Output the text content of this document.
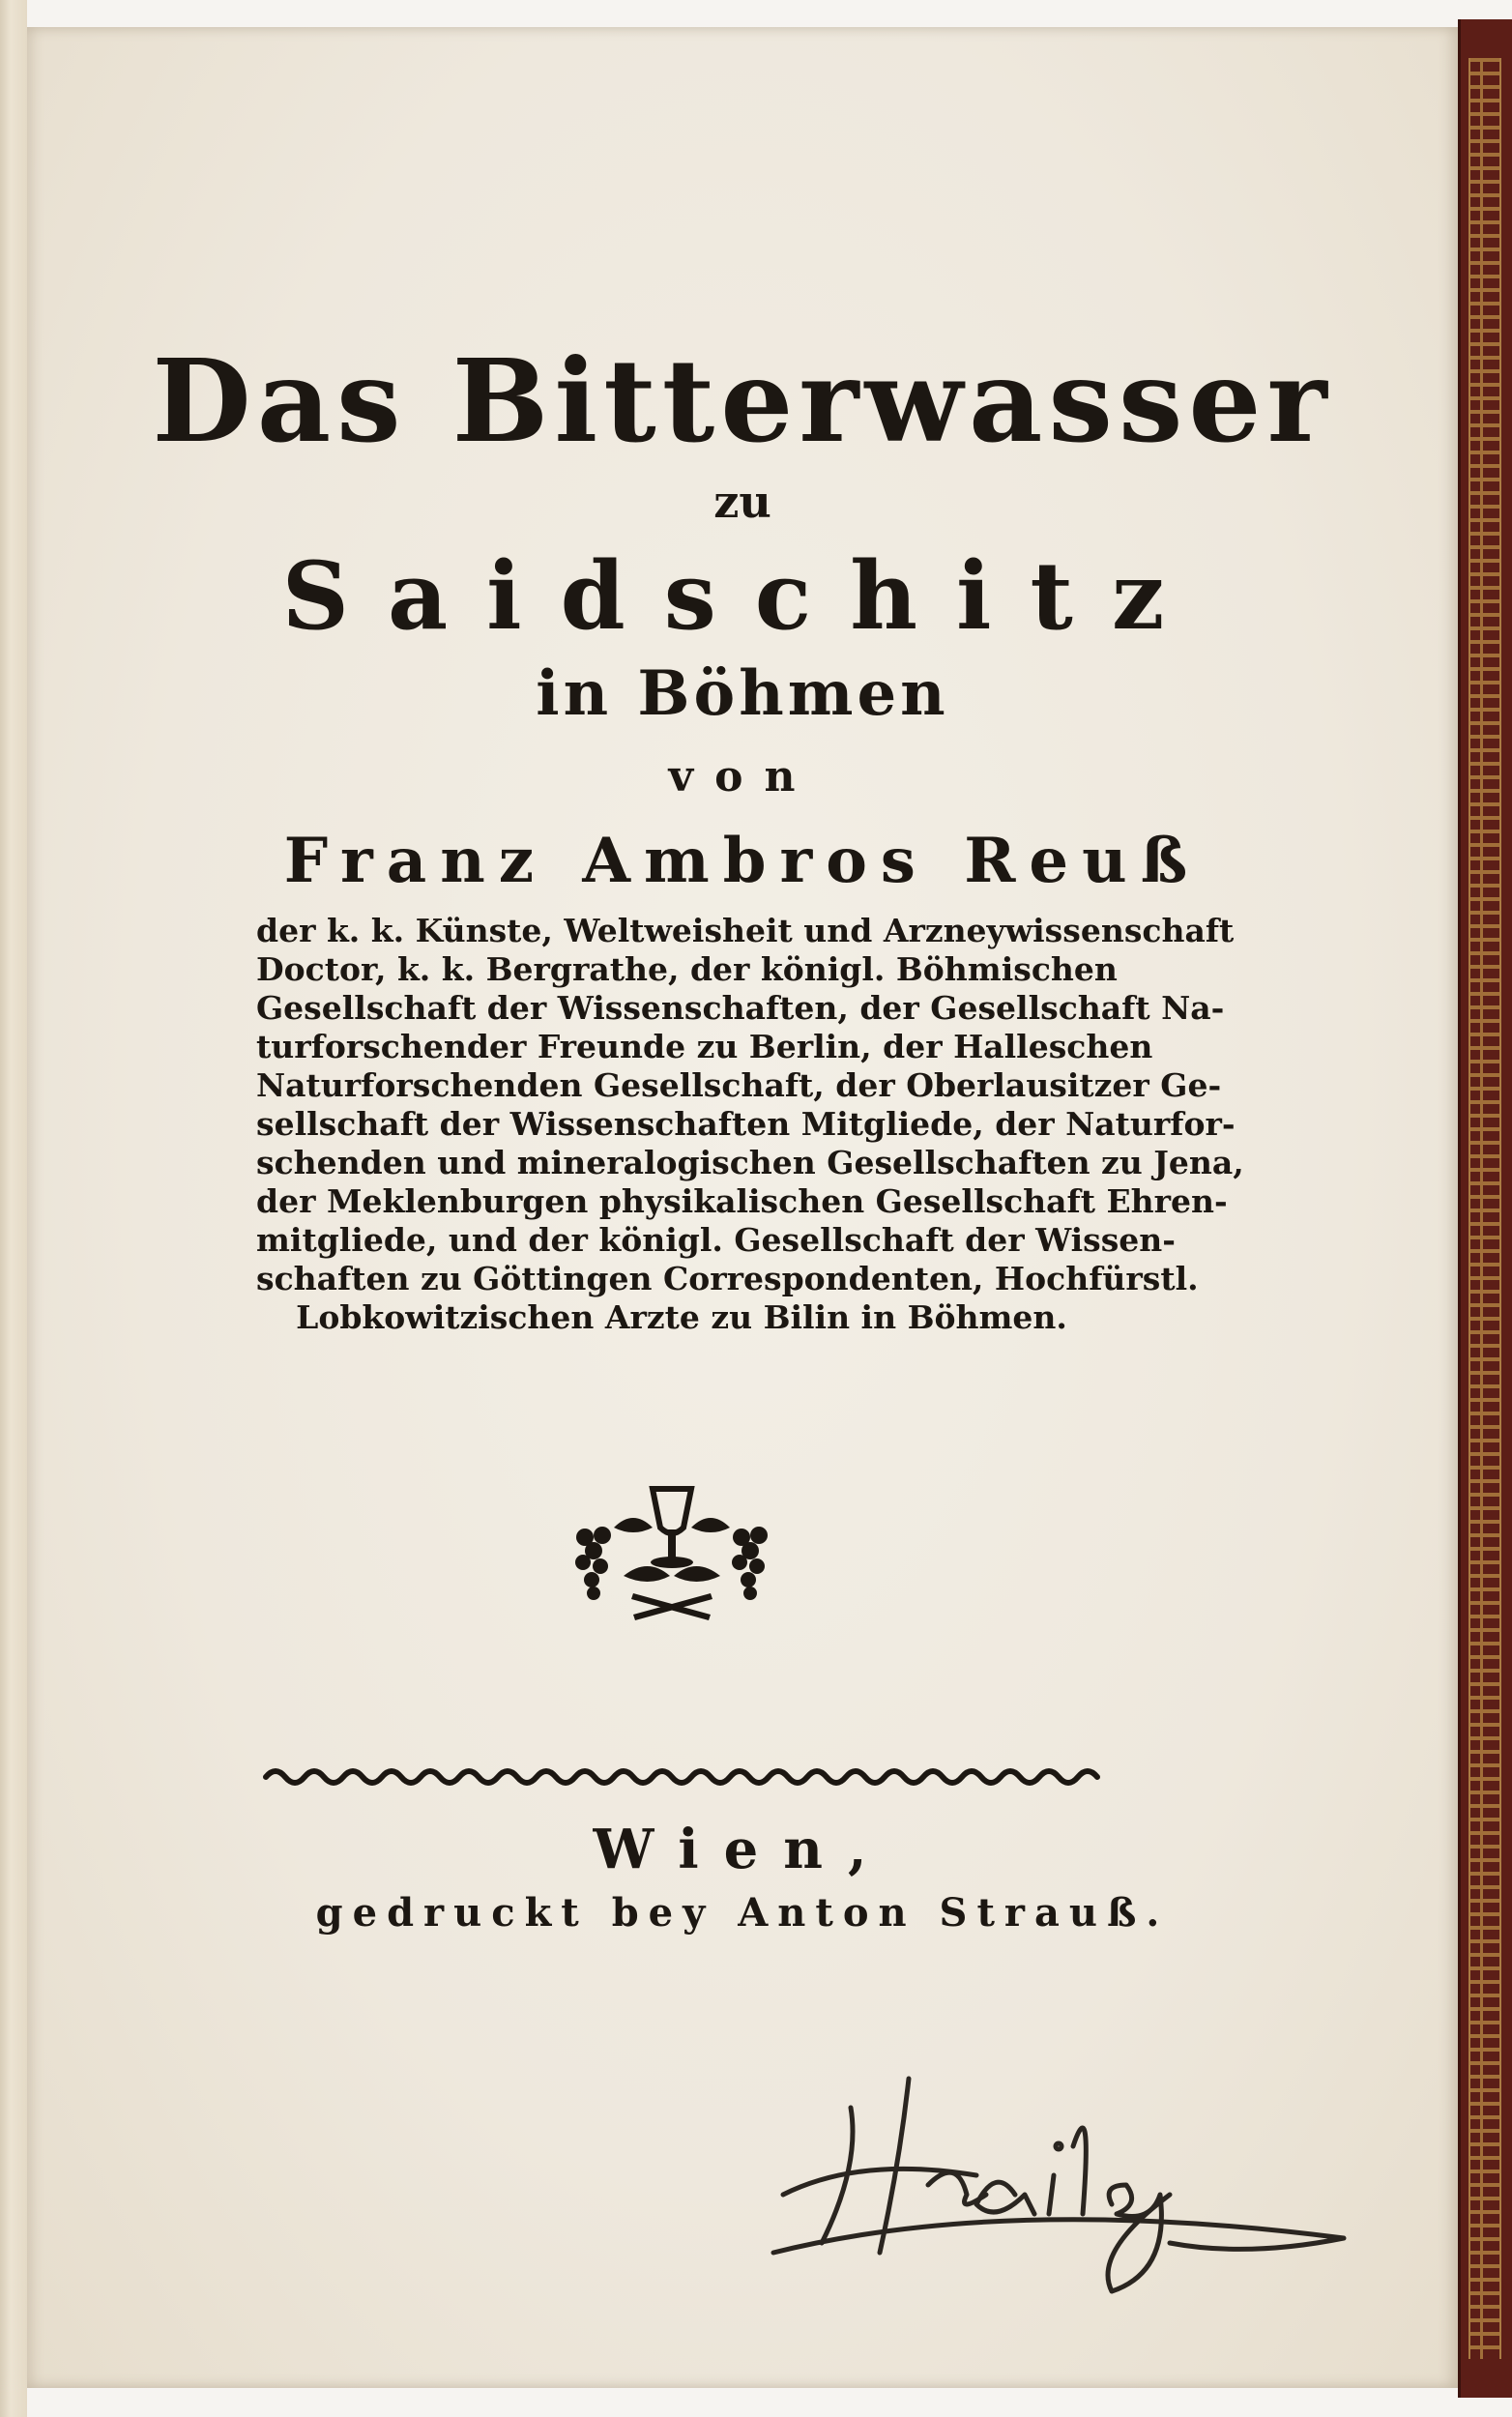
Das Bitterwasser
zu
Saidschitz
in Böhmen
von
Franz Ambros Reuß
der k. k. Künste, Weltweisheit und Arzneywissenschaft
Doctor, k. k. Bergrathe, der königl. Böhmischen
Gesellschaft der Wissenschaften, der Gesellschaft Na-
turforschender Freunde zu Berlin, der Halleschen
Naturforschenden Gesellschaft, der Oberlausitzer Ge-
sellschaft der Wissenschaften Mitgliede, der Naturfor-
schenden und mineralogischen Gesellschaften zu Jena,
der Meklenburgen physikalischen Gesellschaft Ehren-
mitgliede, und der königl. Gesellschaft der Wissen-
schaften zu Göttingen Correspondenten, Hochfürstl.
Lobkowitzischen Arzte zu Bilin in Böhmen.
Wien,
gedruckt bey Anton Strauß.
